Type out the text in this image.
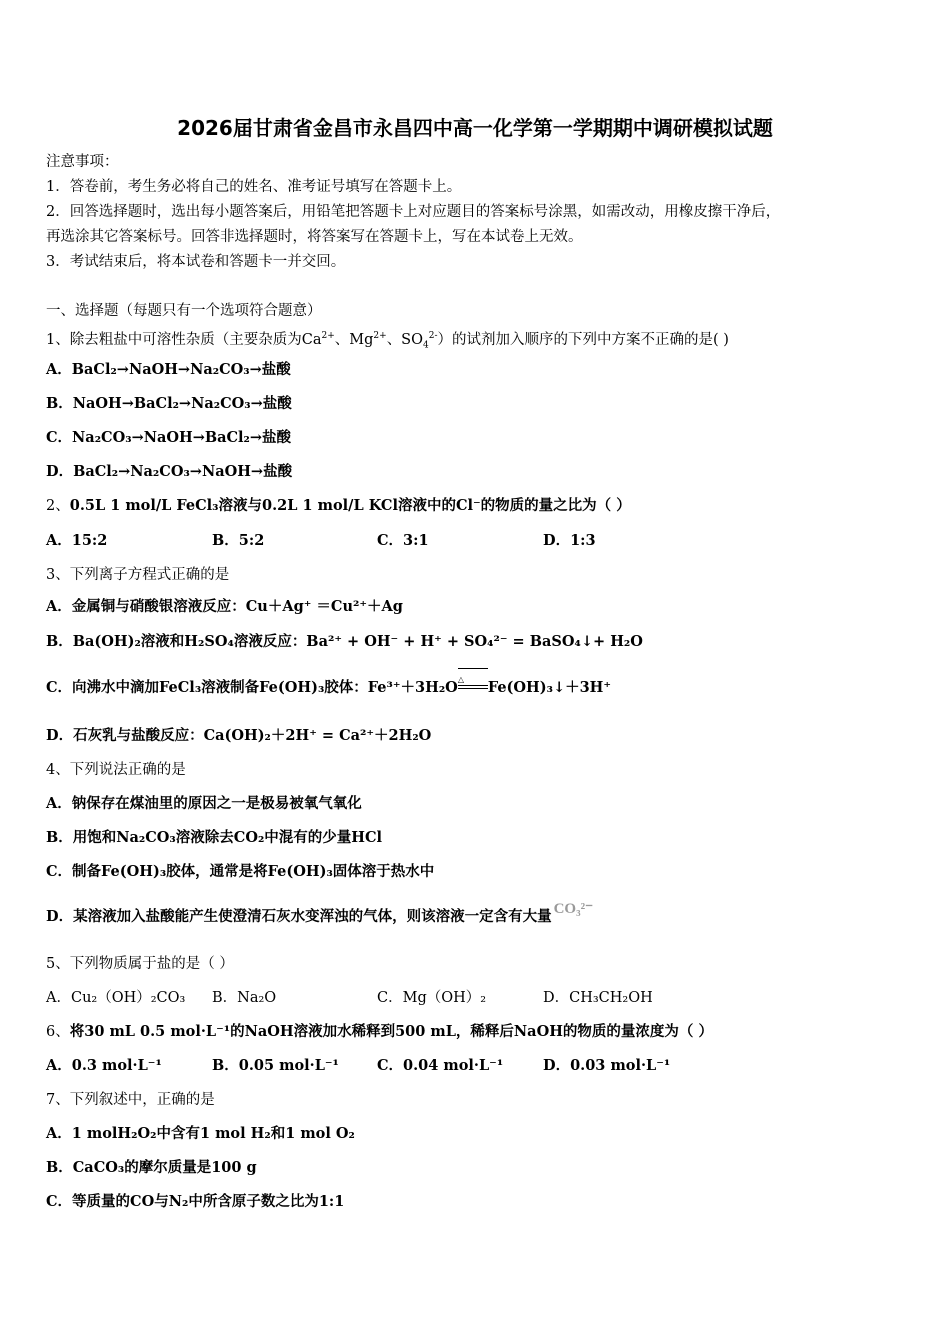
2026届甘肃省金昌市永昌四中高一化学第一学期期中调研模拟试题
注意事项：
1．答卷前，考生务必将自己的姓名、准考证号填写在答题卡上。
2．回答选择题时，选出每小题答案后，用铅笔把答题卡上对应题目的答案标号涂黑，如需改动，用橡皮擦干净后，
再选涂其它答案标号。回答非选择题时，将答案写在答题卡上，写在本试卷上无效。
3．考试结束后，将本试卷和答题卡一并交回。
一、选择题（每题只有一个选项符合题意）
1、除去粗盐中可溶性杂质（主要杂质为$Ca^{2+}$、$Mg^{2+}$、$SO_4^{2-}$）的试剂加入顺序的下列中方案不正确的是( )
A．BaCl₂→NaOH→Na₂CO₃→盐酸
B．NaOH→BaCl₂→Na₂CO₃→盐酸
C．Na₂CO₃→NaOH→BaCl₂→盐酸
D．BaCl₂→Na₂CO₃→NaOH→盐酸
2、0.5L 1 mol/L FeCl₃溶液与0.2L 1 mol/L KCl溶液中的Cl⁻的物质的量之比为（ ）
A．15:2	B．5:2	C．3:1	D．1:3
3、下列离子方程式正确的是
A．金属铜与硝酸银溶液反应：Cu＋Ag⁺ ＝Cu²⁺＋Ag
B．Ba(OH)₂溶液和H₂SO₄溶液反应：Ba²⁺ + OH⁻ + H⁺ + SO₄²⁻ = BaSO₄↓+ H₂O
C．向沸水中滴加FeCl₃溶液制备Fe(OH)₃胶体：Fe³⁺＋3H₂O △	Fe(OH)₃↓＋3H⁺
D．石灰乳与盐酸反应：Ca(OH)₂＋2H⁺ = Ca²⁺＋2H₂O
4、下列说法正确的是
A．钠保存在煤油里的原因之一是极易被氧气氧化
B．用饱和Na₂CO₃溶液除去CO₂中混有的少量HCl
C．制备Fe(OH)₃胶体，通常是将Fe(OH)₃固体溶于热水中
D．某溶液加入盐酸能产生使澄清石灰水变浑浊的气体，则该溶液一定含有大量 CO₃²⁻
5、下列物质属于盐的是（ ）
A．Cu₂（OH）₂CO₃ B．Na₂O	C．Mg（OH）₂	D．CH₃CH₂OH
6、将30 mL 0.5 mol·L⁻¹的NaOH溶液加水稀释到500 mL，稀释后NaOH的物质的量浓度为（ ）
A．0.3 mol·L⁻¹	B．0.05 mol·L⁻¹	C．0.04 mol·L⁻¹	D．0.03 mol·L⁻¹
7、下列叙述中，正确的是
A．1 molH₂O₂中含有1 mol H₂和1 mol O₂
B．CaCO₃的摩尔质量是100 g
C．等质量的CO与N₂中所含原子数之比为1:1
